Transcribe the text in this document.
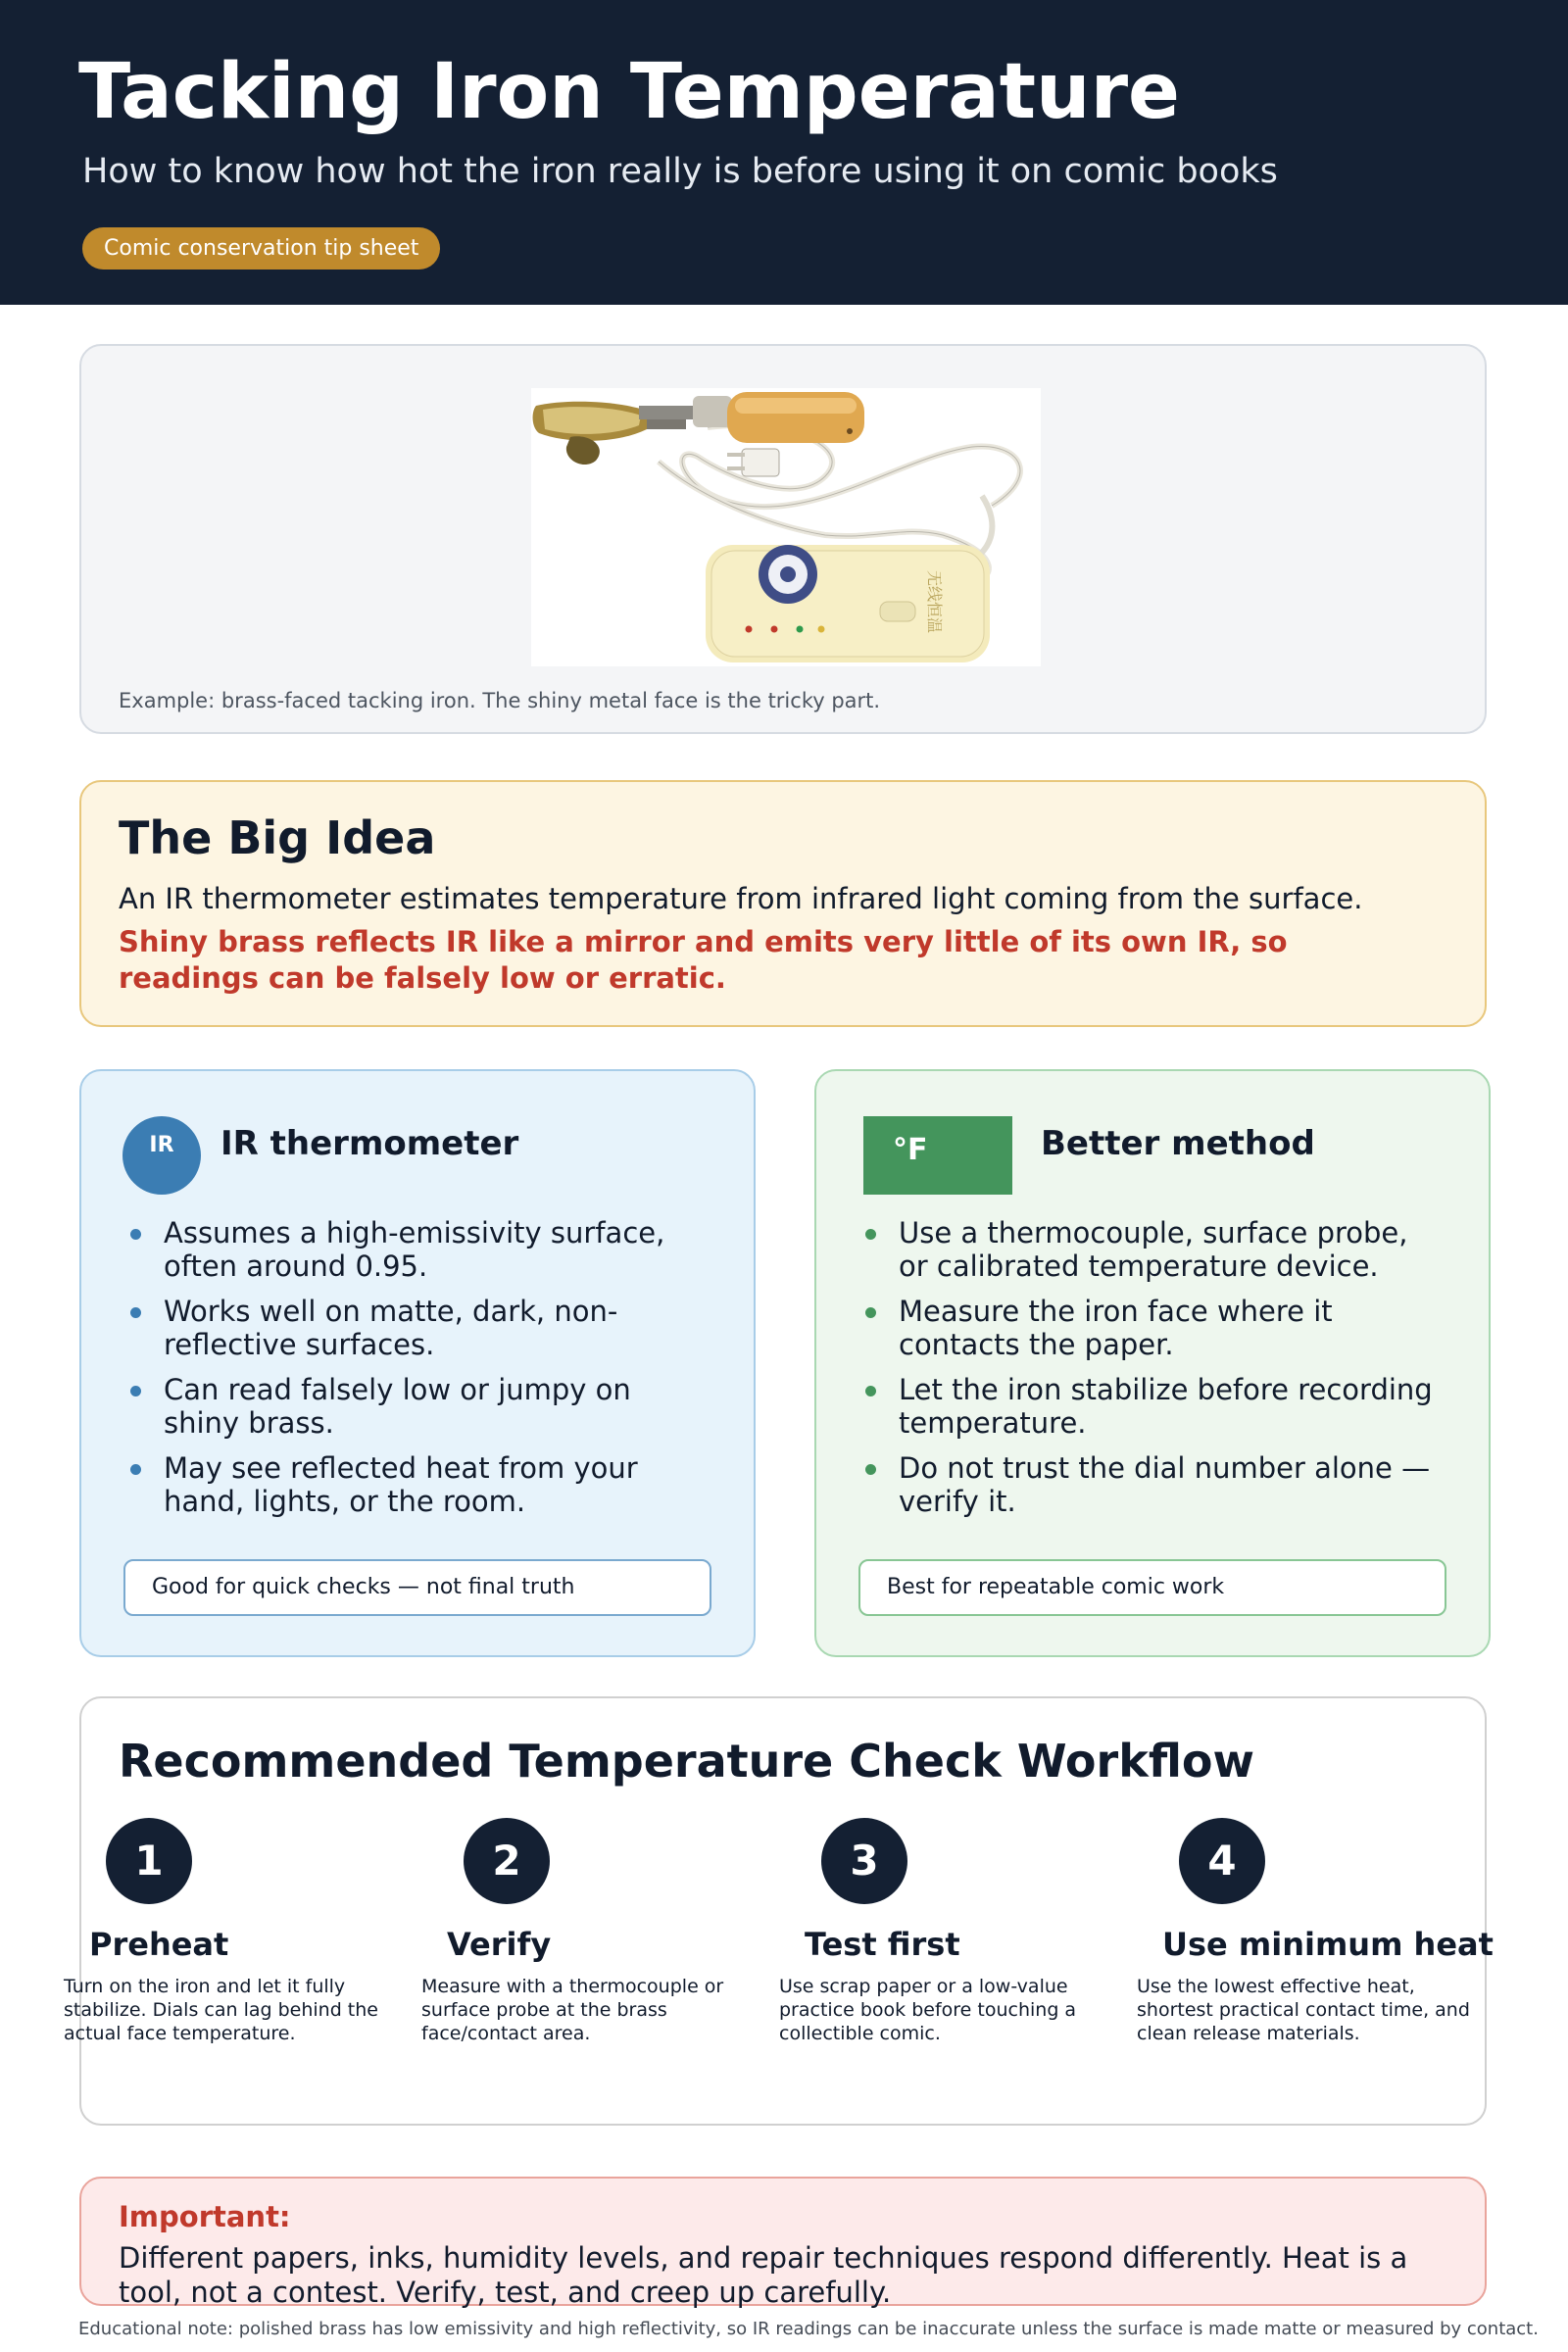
Tacking Iron Temperature

How to know how hot the iron really is before using it on comic books

Comic conservation tip sheet
无线恒温

Example: brass-faced tacking iron. The shiny metal face is the tricky part.

The Big Idea

An IR thermometer estimates temperature from infrared light coming from the surface.

Shiny brass reflects IR like a mirror and emits very little of its own IR, so readings can be falsely low or erratic.

IR	IR thermometer
Assumes a high-emissivity surface, often around 0.95.
Works well on matte, dark, non-reflective surfaces.
Can read falsely low or jumpy on shiny brass.
May see reflected heat from your hand, lights, or the room.
Good for quick checks — not final truth
°F	Better method
Use a thermocouple, surface probe, or calibrated temperature device.
Measure the iron face where it contacts the paper.
Let the iron stabilize before recording temperature.
Do not trust the dial number alone — verify it.
Best for repeatable comic work
Recommended Temperature Check Workflow
1
Preheat

Turn on the iron and let it fully stabilize. Dials can lag behind the actual face temperature.

2
Verify

Measure with a thermocouple or surface probe at the brass face/contact area.

3
Test first

Use scrap paper or a low-value practice book before touching a collectible comic.

4
Use minimum heat

Use the lowest effective heat, shortest practical contact time, and clean release materials.

Important:

Different papers, inks, humidity levels, and repair techniques respond differently. Heat is a tool, not a contest. Verify, test, and creep up carefully.

Educational note: polished brass has low emissivity and high reflectivity, so IR readings can be inaccurate unless the surface is made matte or measured by contact.
